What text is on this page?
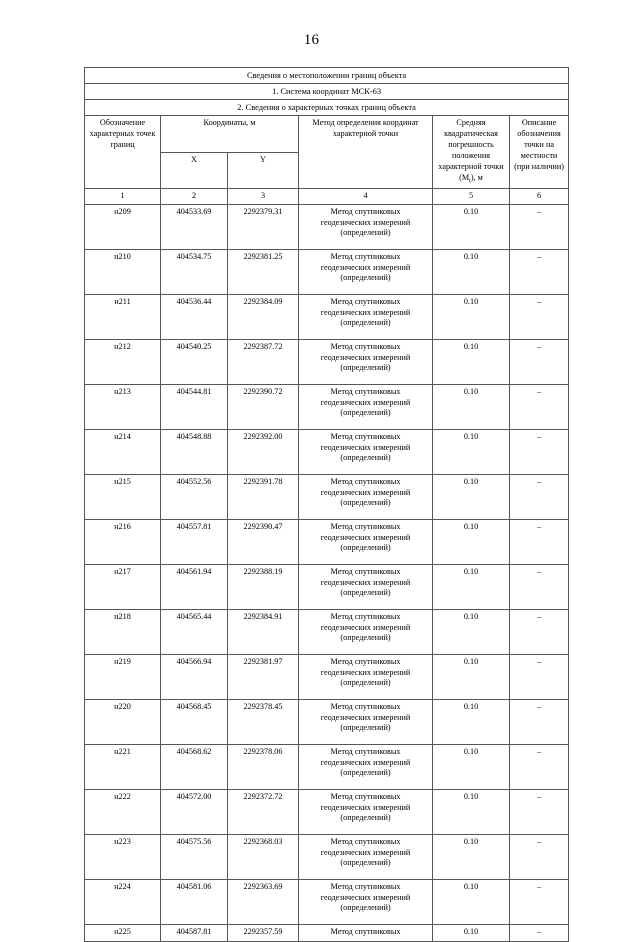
16
Сведения о местоположении границ объекта					
1. Система координат МСК-63					
2. Сведения о характерных точках границ объекта					
Обозначение характерных точек границ	Координаты, м		Метод определения координат характерной точки	Средняя квадратическая погрешность положения характерной точки $(М_t)$, м	Описание обозначения точки на местности (при наличии)
	X	Y			
1	2	3	4	5	6
н209	404533.69	2292379.31	Метод спутниковых
геодезических измерений
(определений)	0.10	–
н210	404534.75	2292381.25	Метод спутниковых
геодезических измерений
(определений)	0.10	–
н211	404536.44	2292384.09	Метод спутниковых
геодезических измерений
(определений)	0.10	–
н212	404540.25	2292387.72	Метод спутниковых
геодезических измерений
(определений)	0.10	–
н213	404544.81	2292390.72	Метод спутниковых
геодезических измерений
(определений)	0.10	–
н214	404548.88	2292392.00	Метод спутниковых
геодезических измерений
(определений)	0.10	–
н215	404552.56	2292391.78	Метод спутниковых
геодезических измерений
(определений)	0.10	–
н216	404557.81	2292390.47	Метод спутниковых
геодезических измерений
(определений)	0.10	–
н217	404561.94	2292388.19	Метод спутниковых
геодезических измерений
(определений)	0.10	–
н218	404565.44	2292384.91	Метод спутниковых
геодезических измерений
(определений)	0.10	–
н219	404566.94	2292381.97	Метод спутниковых
геодезических измерений
(определений)	0.10	–
н220	404568.45	2292378.45	Метод спутниковых
геодезических измерений
(определений)	0.10	–
н221	404568.62	2292378.06	Метод спутниковых
геодезических измерений
(определений)	0.10	–
н222	404572.00	2292372.72	Метод спутниковых
геодезических измерений
(определений)	0.10	–
н223	404575.56	2292368.03	Метод спутниковых
геодезических измерений
(определений)	0.10	–
н224	404581.06	2292363.69	Метод спутниковых
геодезических измерений
(определений)	0.10	–
н225	404587.81	2292357.59	Метод спутниковых	0.10	–
